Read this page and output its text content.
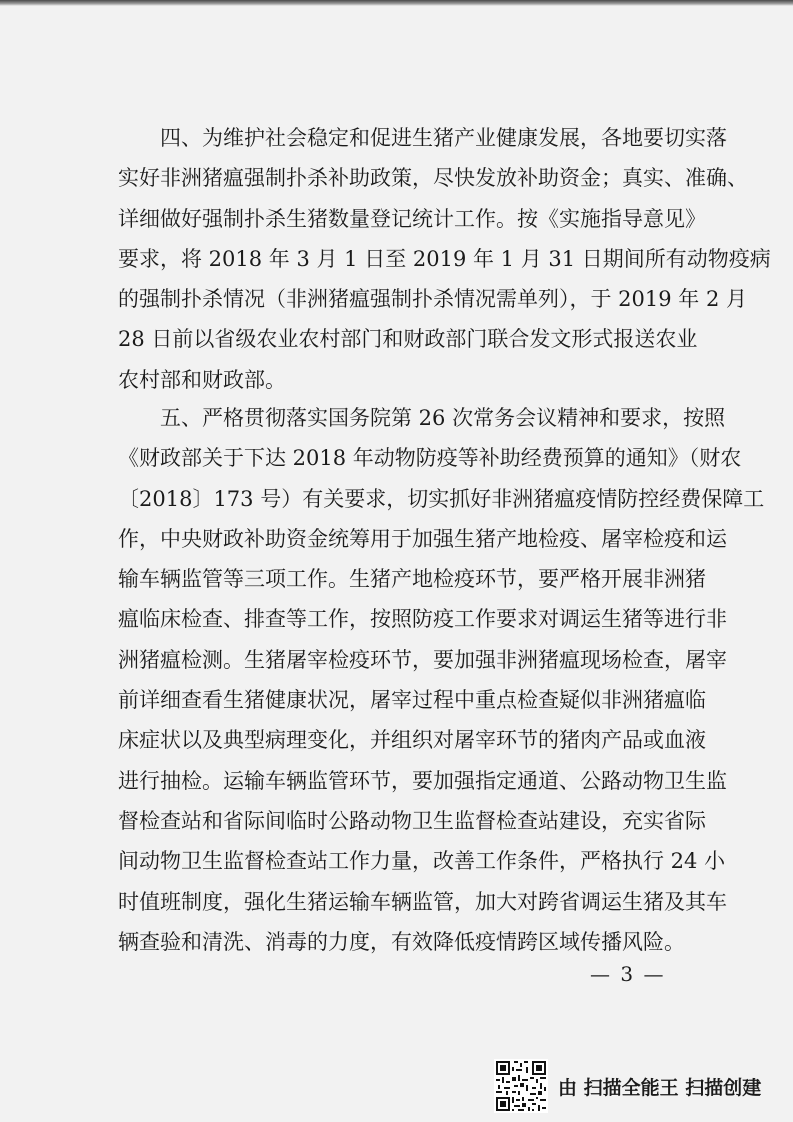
四、为维护社会稳定和促进生猪产业健康发展，各地要切实落
实好非洲猪瘟强制扑杀补助政策，尽快发放补助资金；真实、准确、
详细做好强制扑杀生猪数量登记统计工作。按《实施指导意见》
要求，将 2018 年 3 月 1 日至 2019 年 1 月 31 日期间所有动物疫病
的强制扑杀情况（非洲猪瘟强制扑杀情况需单列），于 2019 年 2 月
28 日前以省级农业农村部门和财政部门联合发文形式报送农业
农村部和财政部。
五、严格贯彻落实国务院第 26 次常务会议精神和要求，按照
《财政部关于下达 2018 年动物防疫等补助经费预算的通知》（财农
〔2018〕173 号）有关要求，切实抓好非洲猪瘟疫情防控经费保障工
作，中央财政补助资金统筹用于加强生猪产地检疫、屠宰检疫和运
输车辆监管等三项工作。生猪产地检疫环节，要严格开展非洲猪
瘟临床检查、排查等工作，按照防疫工作要求对调运生猪等进行非
洲猪瘟检测。生猪屠宰检疫环节，要加强非洲猪瘟现场检查，屠宰
前详细查看生猪健康状况，屠宰过程中重点检查疑似非洲猪瘟临
床症状以及典型病理变化，并组织对屠宰环节的猪肉产品或血液
进行抽检。运输车辆监管环节，要加强指定通道、公路动物卫生监
督检查站和省际间临时公路动物卫生监督检查站建设，充实省际
间动物卫生监督检查站工作力量，改善工作条件，严格执行 24 小
时值班制度，强化生猪运输车辆监管，加大对跨省调运生猪及其车
辆查验和清洗、消毒的力度，有效降低疫情跨区域传播风险。
— 3 —
由 扫描全能王 扫描创建
